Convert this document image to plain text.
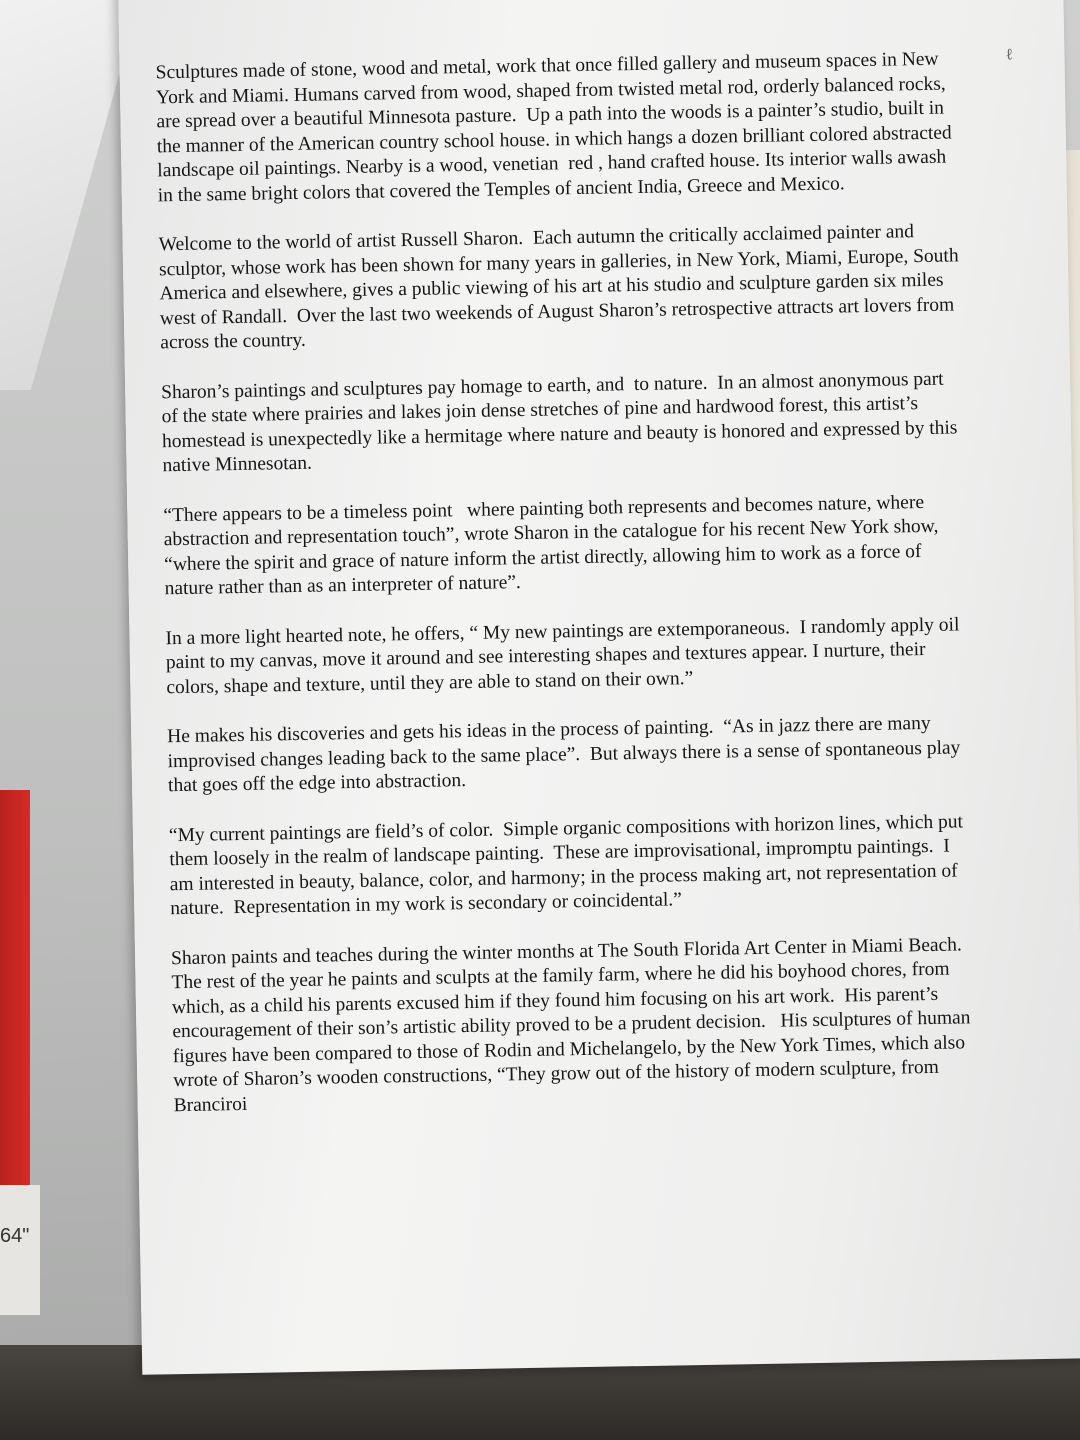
64"
ℓ

Sculptures made of stone, wood and metal, work that once filled gallery and museum spaces in New York and Miami. Humans carved from wood, shaped from twisted metal rod, orderly balanced rocks, are spread over a beautiful Minnesota pasture.  Up a path into the woods is a painter’s studio, built in the manner of the American country school house. in which hangs a dozen brilliant colored abstracted landscape oil paintings. Nearby is a wood, venetian  red , hand crafted house. Its interior walls awash in the same bright colors that covered the Temples of ancient India, Greece and Mexico.

Welcome to the world of artist Russell Sharon.  Each autumn the critically acclaimed painter and sculptor, whose work has been shown for many years in galleries, in New York, Miami, Europe, South America and elsewhere, gives a public viewing of his art at his studio and sculpture garden six miles west of Randall.  Over the last two weekends of August Sharon’s retrospective attracts art lovers from across the country.

Sharon’s paintings and sculptures pay homage to earth, and  to nature.  In an almost anonymous part of the state where prairies and lakes join dense stretches of pine and hardwood forest, this artist’s homestead is unexpectedly like a hermitage where nature and beauty is honored and expressed by this native Minnesotan.

“There appears to be a timeless point   where painting both represents and becomes nature, where abstraction and representation touch”, wrote Sharon in the catalogue for his recent New York show, “where the spirit and grace of nature inform the artist directly, allowing him to work as a force of nature rather than as an interpreter of nature”.

In a more light hearted note, he offers, “ My new paintings are extemporaneous.  I randomly apply oil paint to my canvas, move it around and see interesting shapes and textures appear. I nurture, their colors, shape and texture, until they are able to stand on their own.”

He makes his discoveries and gets his ideas in the process of painting.  “As in jazz there are many improvised changes leading back to the same place”.  But always there is a sense of spontaneous play that goes off the edge into abstraction.

“My current paintings are field’s of color.  Simple organic compositions with horizon lines, which put them loosely in the realm of landscape painting.  These are improvisational, impromptu paintings.  I am interested in beauty, balance, color, and harmony; in the process making art, not representation of nature.  Representation in my work is secondary or coincidental.”

Sharon paints and teaches during the winter months at The South Florida Art Center in Miami Beach.  The rest of the year he paints and sculpts at the family farm, where he did his boyhood chores, from which, as a child his parents excused him if they found him focusing on his art work.  His parent’s encouragement of their son’s artistic ability proved to be a prudent decision.   His sculptures of human figures have been compared to those of Rodin and Michelangelo, by the New York Times, which also wrote of Sharon’s wooden constructions, “They grow out of the history of modern sculpture, from Branciroi
